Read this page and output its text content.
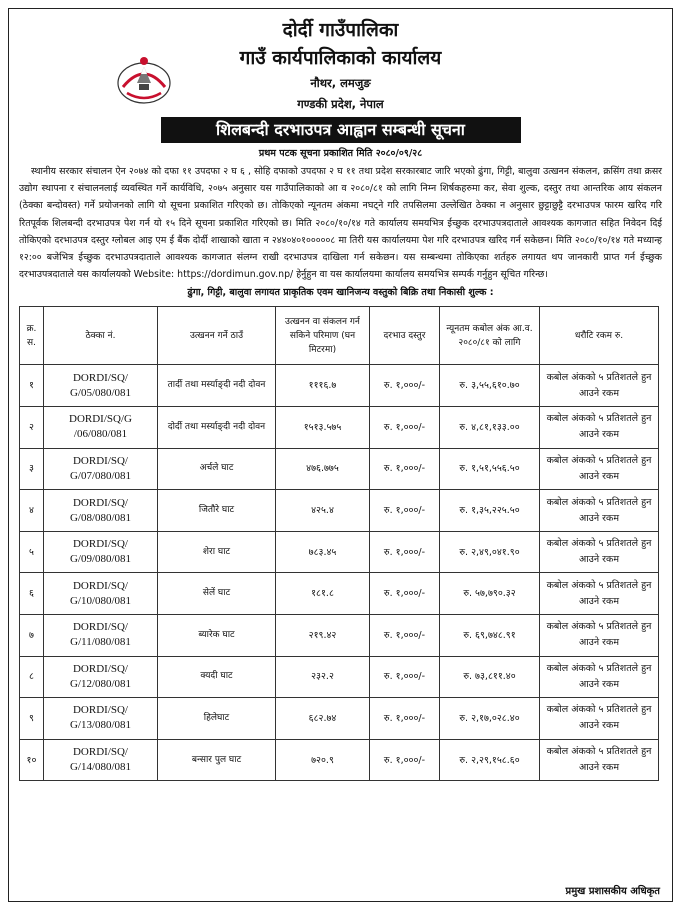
दोर्दी गाउँपालिका
गाउँ कार्यपालिकाको कार्यालय
नौथर, लमजुङ
गण्डकी प्रदेश, नेपाल
शिलबन्दी दरभाउपत्र आह्वान सम्बन्धी सूचना
प्रथम पटक सूचना प्रकाशित मिति २०८०/०९/२८

स्थानीय सरकार संचालन ऐन २०७४ को दफा ११ उपदफा २ घ ६ , सोहि दफाको उपदफा २ घ ११ तथा प्रदेश सरकारबाट जारि भएको ढुंगा, गिट्टी, बालुवा उत्खनन संकलन, क्रसिंग तथा क्रसर उद्योग स्थापना र संचालनलाई व्यवस्थित गर्ने कार्यविधि, २०७५ अनुसार यस गाउँपालिकाको आ व २०८०/८१ को लागि निम्न शिर्षकहरुमा कर, सेवा शुल्क, दस्तुर तथा आन्तरिक आय संकलन (ठेक्का बन्दोवस्त) गर्ने प्रयोजनको लागि यो सूचना प्रकाशित गरिएको छ। तोकिएको न्यूनतम अंकमा नघट्ने गरि तपसिलमा उल्लेखित ठेक्का न अनुसार छुट्टाछुट्टै दरभाउपत्र फारम खरिद गरि रितपूर्वक शिलबन्दी दरभाउपत्र पेश गर्न यो १५ दिने सूचना प्रकाशित गरिएको छ। मिति २०८०/१०/१४ गते कार्यालय समयभित्र ईच्छुक दरभाउपत्रदाताले आवश्यक कागजात सहित निवेदन दिई तोकिएको दरभाउपत्र दस्तुर ग्लोबल आइ एम ई बैंक दोर्दी शाखाको खाता न २४४०४०१०००००८ मा तिरी यस कार्यालयमा पेश गरि दरभाउपत्र खरिद गर्न सकेछन। मिति २०८०/१०/१४ गते मध्यान्ह १२:०० बजेभित्र ईच्छुक दरभाउपत्रदाताले आवश्यक कागजात संलग्न राखी दरभाउपत्र दाखिला गर्न सकेछन। यस सम्बन्धमा तोकिएका शर्तहरु लगायत थप जानकारी प्राप्त गर्न ईच्छुक दरभाउपत्रदाताले यस कार्यालयको Website: https://dordimun.gov.np/ हेर्नुहुन वा यस कार्यालयमा कार्यालय समयभित्र सम्पर्क गर्नुहुन सूचित गरिन्छ।

ढुंगा, गिट्टी, बालुवा लगायत प्राकृतिक एवम खानिजन्य वस्तुको बिक्रि तथा निकासी शुल्क :
क्र. स.	ठेक्का नं.	उत्खनन गर्ने ठाउँ	उत्खनन वा संकलन गर्न सकिने परिमाण (घन मिटरमा)	दरभाउ दस्तुर	न्यूनतम कबोल अंक आ.व. २०८०/८१ को लागि	धरौटि रकम रु.
१	DORDI/SQ/ G/05/080/081	तार्दी तथा मर्स्याङ्दी नदी दोवन	१११६.७	रु. १,०००/-	रु. ३,५५,६१०.७०	कबोल अंकको ५ प्रतिशतले हुन आउने रकम
२	DORDI/SQ/G /06/080/081	दोर्दी तथा मर्स्याङ्दी नदी दोवन	१५१३.५७५	रु. १,०००/-	रु. ४,८१,१३३.००	कबोल अंकको ५ प्रतिशतले हुन आउने रकम
३	DORDI/SQ/ G/07/080/081	अर्चले घाट	४७६.७७५	रु. १,०००/-	रु. १,५१,५५६.५०	कबोल अंकको ५ प्रतिशतले हुन आउने रकम
४	DORDI/SQ/ G/08/080/081	जितौरे घाट	४२५.४	रु. १,०००/-	रु. १,३५,२२५.५०	कबोल अंकको ५ प्रतिशतले हुन आउने रकम
५	DORDI/SQ/ G/09/080/081	शेरा घाट	७८३.४५	रु. १,०००/-	रु. २,४९,०४१.९०	कबोल अंकको ५ प्रतिशतले हुन आउने रकम
६	DORDI/SQ/ G/10/080/081	सेलें घाट	१८१.८	रु. १,०००/-	रु. ५७,७९०.३२	कबोल अंकको ५ प्रतिशतले हुन आउने रकम
७	DORDI/SQ/ G/11/080/081	ब्यारेक घाट	२१९.४२	रु. १,०००/-	रु. ६९,७४८.९१	कबोल अंकको ५ प्रतिशतले हुन आउने रकम
८	DORDI/SQ/ G/12/080/081	क्यदी घाट	२३२.२	रु. १,०००/-	रु. ७३,८११.४०	कबोल अंकको ५ प्रतिशतले हुन आउने रकम
९	DORDI/SQ/ G/13/080/081	हिलेघाट	६८२.७४	रु. १,०००/-	रु. २,१७,०२८.४०	कबोल अंकको ५ प्रतिशतले हुन आउने रकम
१०	DORDI/SQ/ G/14/080/081	बन्सार पुल घाट	७२०.९	रु. १,०००/-	रु. २,२९,१५८.६०	कबोल अंकको ५ प्रतिशतले हुन आउने रकम
प्रमुख प्रशासकीय अधिकृत
